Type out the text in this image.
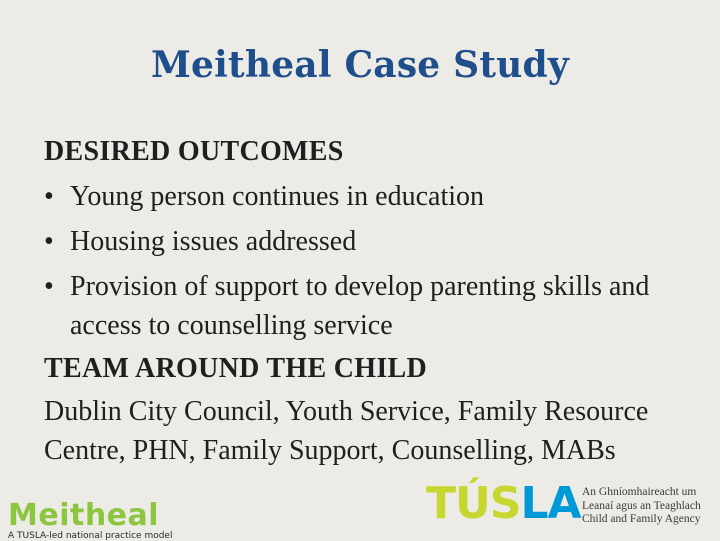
Meitheal Case Study
DESIRED OUTCOMES
• Young person continues in education
• Housing issues addressed
• Provision of support to develop parenting skills and access to counselling service
TEAM AROUND THE CHILD
Dublin City Council, Youth Service, Family Resource Centre, PHN, Family Support, Counselling, MABs
Meitheal
A TUSLA-led national practice model
TÚSLA An Ghníomhaireacht um
Leanaí agus an Teaghlach
Child and Family Agency
